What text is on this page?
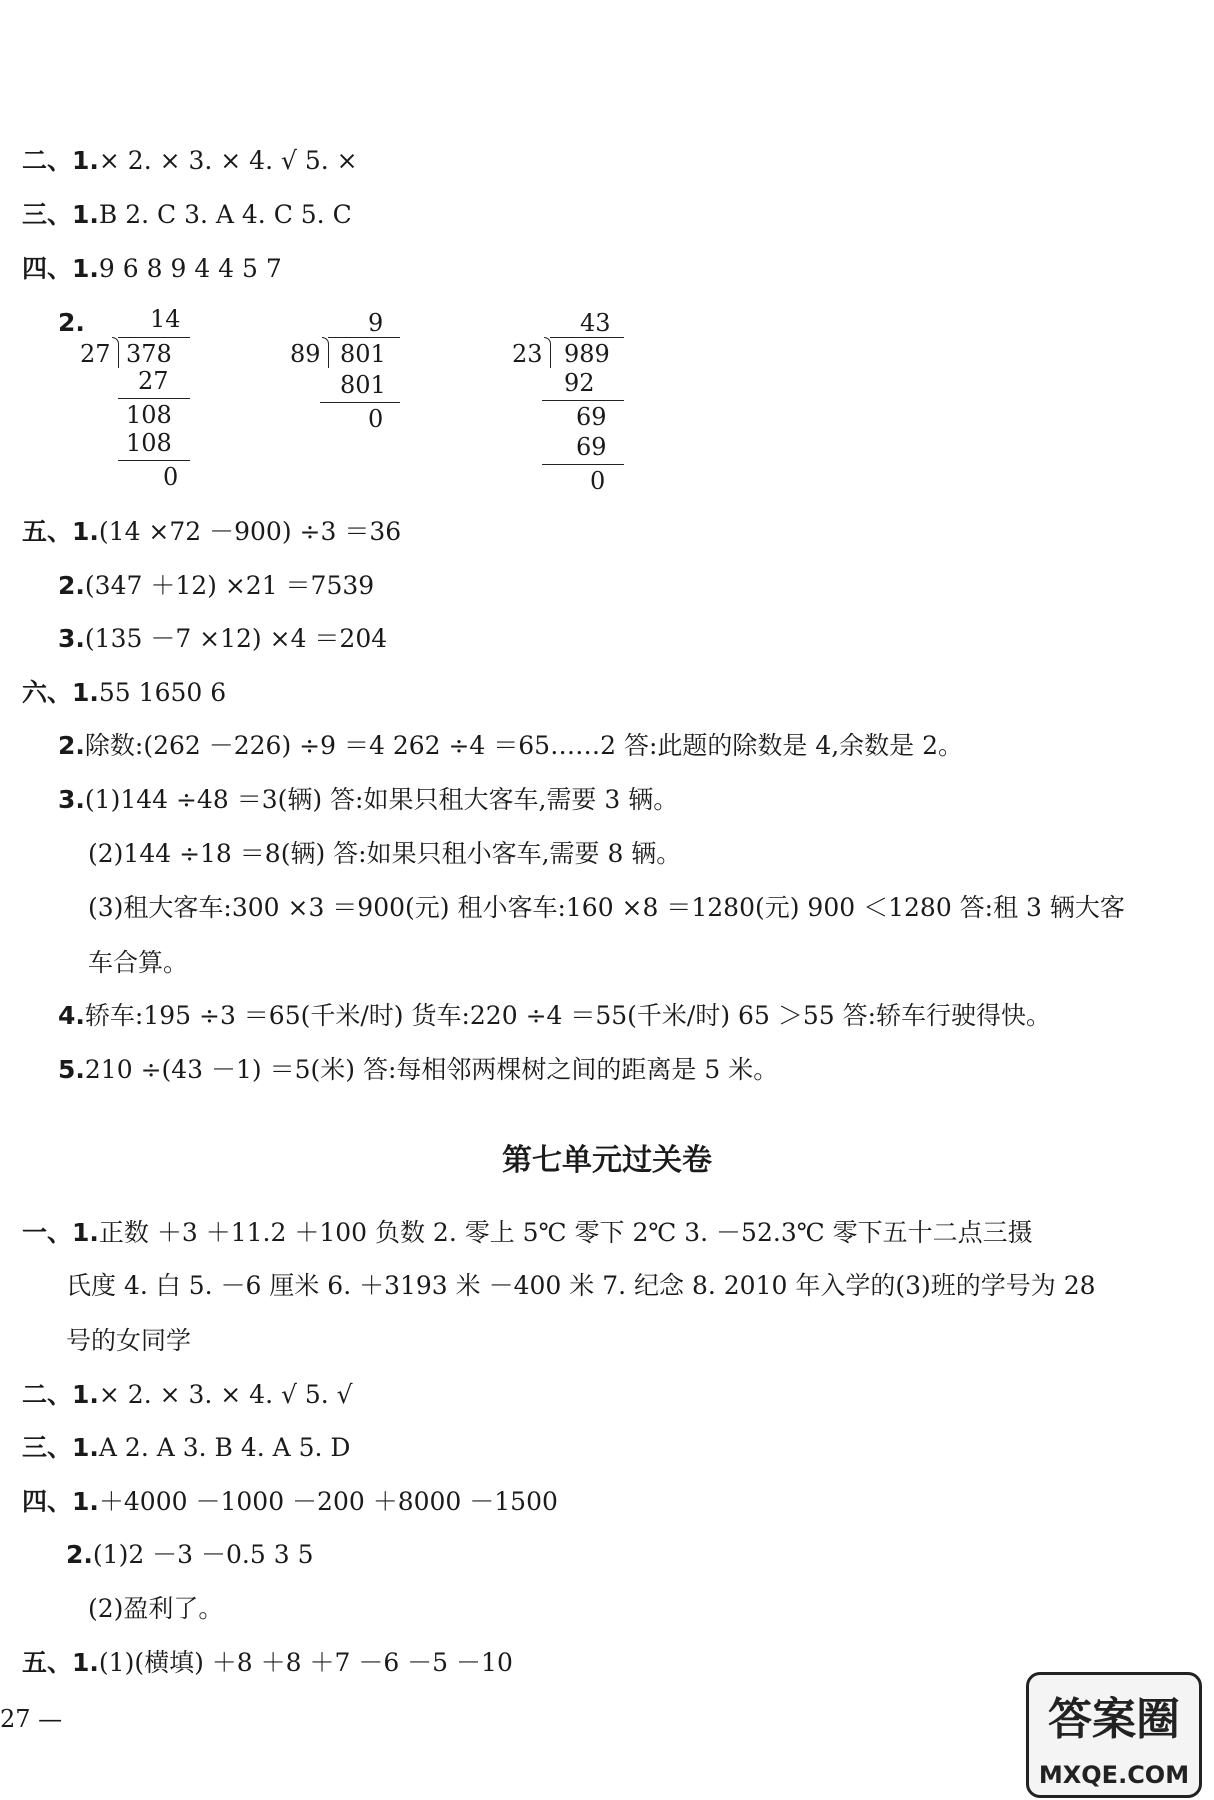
二、1.× 2. × 3. × 4. √ 5. ×
三、1.B 2. C 3. A 4. C 5. C
四、1.9 6 8 9 4 4 5 7
2.	14
27 378
27
108
108
0
9
89 801
801
0
43
23 989
92
69
69
0
五、1.(14 ×72 －900) ÷3 ＝36
2.(347 ＋12) ×21 ＝7539
3.(135 －7 ×12) ×4 ＝204
六、1.55 1650 6
2.除数:(262 －226) ÷9 ＝4 262 ÷4 ＝65……2 答:此题的除数是 4,余数是 2。
3.(1)144 ÷48 ＝3(辆) 答:如果只租大客车,需要 3 辆。
(2)144 ÷18 ＝8(辆) 答:如果只租小客车,需要 8 辆。
(3)租大客车:300 ×3 ＝900(元) 租小客车:160 ×8 ＝1280(元) 900 ＜1280 答:租 3 辆大客
车合算。
4.轿车:195 ÷3 ＝65(千米/时) 货车:220 ÷4 ＝55(千米/时) 65 ＞55 答:轿车行驶得快。
5.210 ÷(43 －1) ＝5(米) 答:每相邻两棵树之间的距离是 5 米。
第七单元过关卷
一、1.正数 ＋3 ＋11.2 ＋100 负数 2. 零上 5℃ 零下 2℃ 3. －52.3℃ 零下五十二点三摄
氏度 4. 白 5. －6 厘米 6. ＋3193 米 －400 米 7. 纪念 8. 2010 年入学的(3)班的学号为 28
号的女同学
二、1.× 2. × 3. × 4. √ 5. √
三、1.A 2. A 3. B 4. A 5. D
四、1.＋4000 －1000 －200 ＋8000 －1500
2.(1)2 －3 －0.5 3 5
(2)盈利了。
五、1.(1)(横填) ＋8 ＋8 ＋7 －6 －5 －10
27 —	答案圈
MXQE.COM
